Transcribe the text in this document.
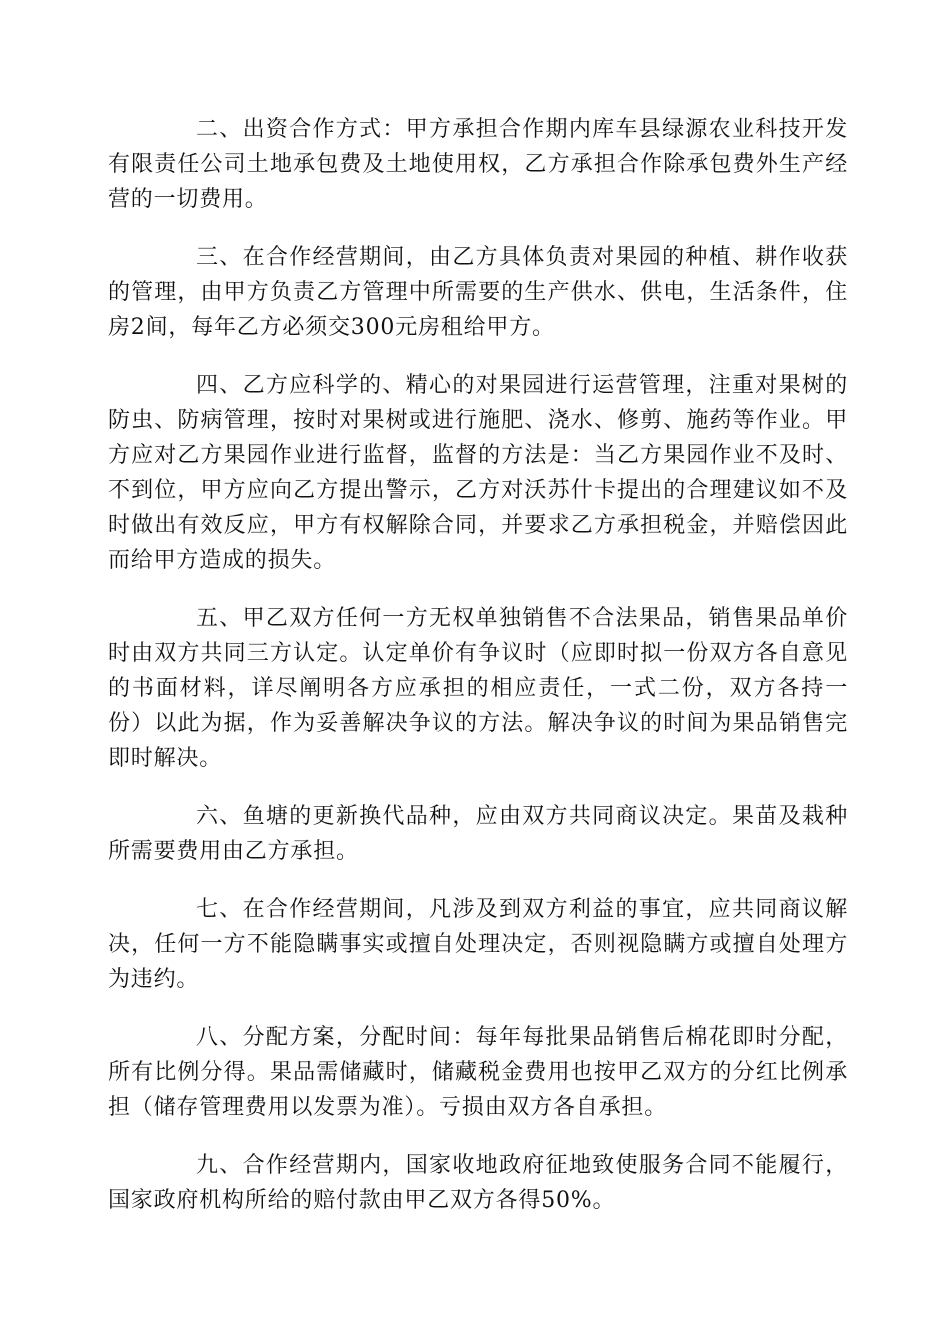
二、出资合作方式：甲方承担合作期内库车县绿源农业科技开发有限责任公司土地承包费及土地使用权，乙方承担合作除承包费外生产经营的一切费用。

三、在合作经营期间，由乙方具体负责对果园的种植、耕作收获的管理，由甲方负责乙方管理中所需要的生产供水、供电，生活条件，住房2间，每年乙方必须交300元房租给甲方。

四、乙方应科学的、精心的对果园进行运营管理，注重对果树的防虫、防病管理，按时对果树或进行施肥、浇水、修剪、施药等作业。甲方应对乙方果园作业进行监督，监督的方法是：当乙方果园作业不及时、不到位，甲方应向乙方提出警示，乙方对沃苏什卡提出的合理建议如不及时做出有效反应，甲方有权解除合同，并要求乙方承担税金，并赔偿因此而给甲方造成的损失。

五、甲乙双方任何一方无权单独销售不合法果品，销售果品单价时由双方共同三方认定。认定单价有争议时（应即时拟一份双方各自意见的书面材料，详尽阐明各方应承担的相应责任，一式二份，双方各持一份）以此为据，作为妥善解决争议的方法。解决争议的时间为果品销售完即时解决。

六、鱼塘的更新换代品种，应由双方共同商议决定。果苗及栽种所需要费用由乙方承担。

七、在合作经营期间，凡涉及到双方利益的事宜，应共同商议解决，任何一方不能隐瞒事实或擅自处理决定，否则视隐瞒方或擅自处理方为违约。

八、分配方案，分配时间：每年每批果品销售后棉花即时分配，所有比例分得。果品需储藏时，储藏税金费用也按甲乙双方的分红比例承担（储存管理费用以发票为准）。亏损由双方各自承担。

九、合作经营期内，国家收地政府征地致使服务合同不能履行，国家政府机构所给的赔付款由甲乙双方各得50%。
